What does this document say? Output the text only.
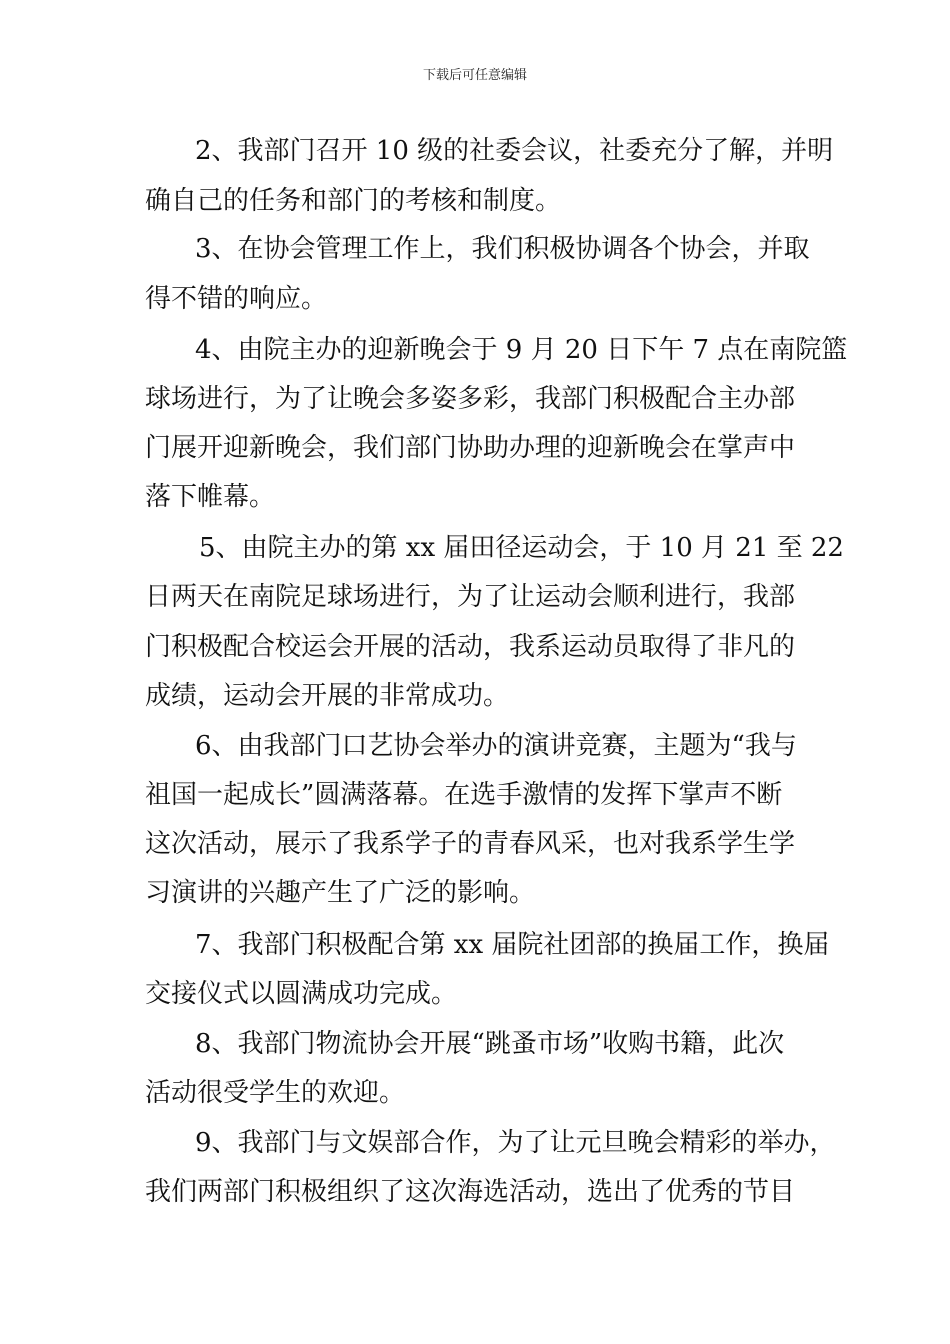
下载后可任意编辑
2、我部门召开 10 级的社委会议，社委充分了解，并明
确自己的任务和部门的考核和制度。
3、在协会管理工作上，我们积极协调各个协会，并取
得不错的响应。
4、由院主办的迎新晚会于 9 月 20 日下午 7 点在南院篮
球场进行，为了让晚会多姿多彩，我部门积极配合主办部
门展开迎新晚会，我们部门协助办理的迎新晚会在掌声中
落下帷幕。
5、由院主办的第 xx 届田径运动会，于 10 月 21 至 22
日两天在南院足球场进行，为了让运动会顺利进行，我部
门积极配合校运会开展的活动，我系运动员取得了非凡的
成绩，运动会开展的非常成功。
6、由我部门口艺协会举办的演讲竞赛，主题为“我与
祖国一起成长”圆满落幕。在选手激情的发挥下掌声不断
这次活动，展示了我系学子的青春风采，也对我系学生学
习演讲的兴趣产生了广泛的影响。
7、我部门积极配合第 xx 届院社团部的换届工作，换届
交接仪式以圆满成功完成。
8、我部门物流协会开展“跳蚤市场”收购书籍，此次
活动很受学生的欢迎。
9、我部门与文娱部合作，为了让元旦晚会精彩的举办，
我们两部门积极组织了这次海选活动，选出了优秀的节目
